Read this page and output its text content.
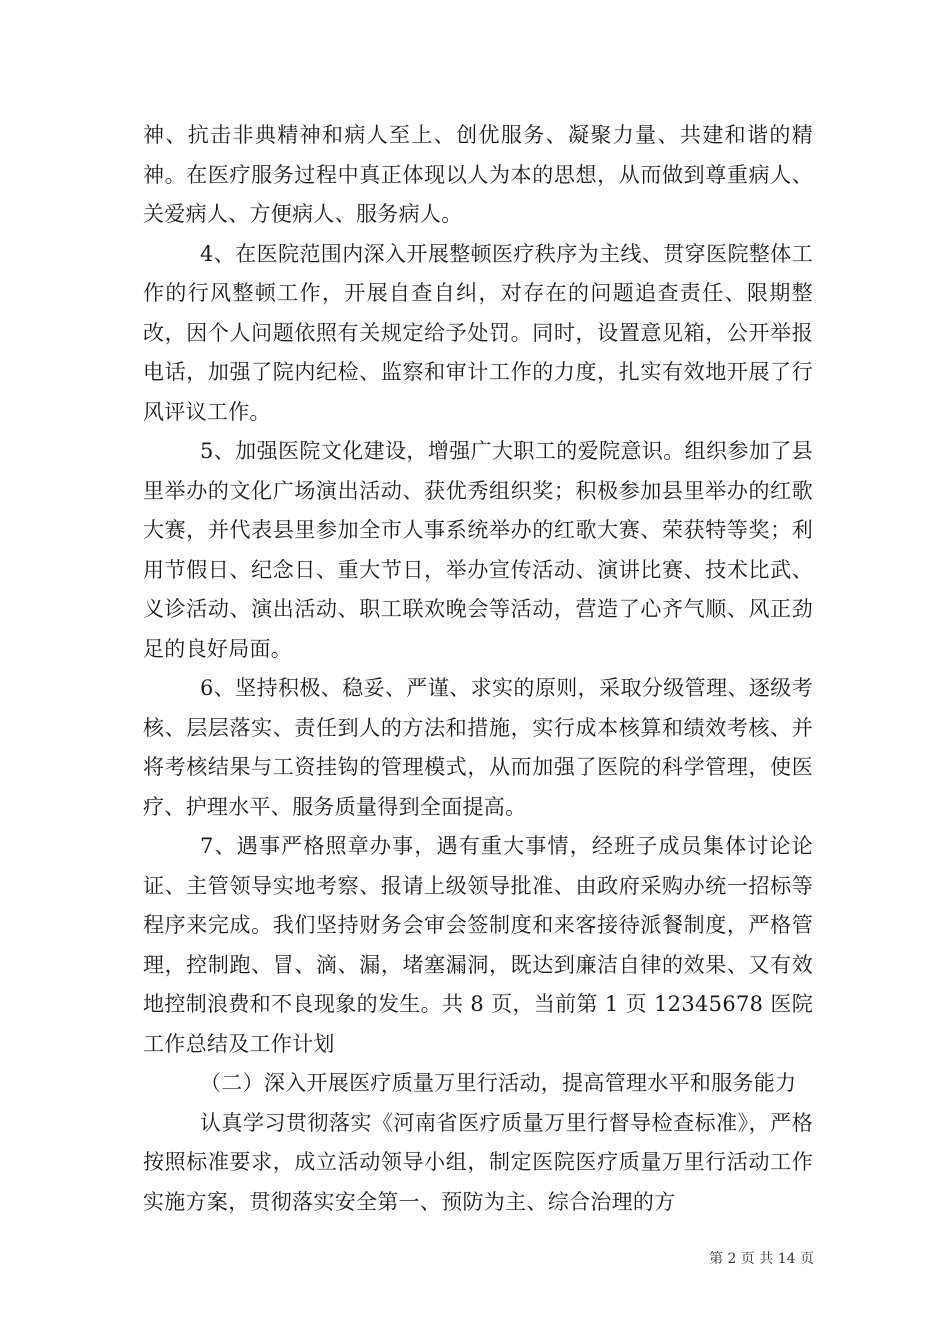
神、抗击非典精神和病人至上、创优服务、凝聚力量、共建和谐的精神。在医疗服务过程中真正体现以人为本的思想，从而做到尊重病人、关爱病人、方便病人、服务病人。

4、在医院范围内深入开展整顿医疗秩序为主线、贯穿医院整体工作的行风整顿工作，开展自查自纠，对存在的问题追查责任、限期整改，因个人问题依照有关规定给予处罚。同时，设置意见箱，公开举报电话，加强了院内纪检、监察和审计工作的力度，扎实有效地开展了行风评议工作。

5、加强医院文化建设，增强广大职工的爱院意识。组织参加了县里举办的文化广场演出活动、获优秀组织奖；积极参加县里举办的红歌大赛，并代表县里参加全市人事系统举办的红歌大赛、荣获特等奖；利用节假日、纪念日、重大节日，举办宣传活动、演讲比赛、技术比武、义诊活动、演出活动、职工联欢晚会等活动，营造了心齐气顺、风正劲足的良好局面。

6、坚持积极、稳妥、严谨、求实的原则，采取分级管理、逐级考核、层层落实、责任到人的方法和措施，实行成本核算和绩效考核、并将考核结果与工资挂钩的管理模式，从而加强了医院的科学管理，使医疗、护理水平、服务质量得到全面提高。

7、遇事严格照章办事，遇有重大事情，经班子成员集体讨论论证、主管领导实地考察、报请上级领导批准、由政府采购办统一招标等程序来完成。我们坚持财务会审会签制度和来客接待派餐制度，严格管理，控制跑、冒、滴、漏，堵塞漏洞，既达到廉洁自律的效果、又有效地控制浪费和不良现象的发生。共 8 页，当前第 1 页 12345678 医院工作总结及工作计划

（二）深入开展医疗质量万里行活动，提高管理水平和服务能力

认真学习贯彻落实《河南省医疗质量万里行督导检查标准》，严格按照标准要求，成立活动领导小组，制定医院医疗质量万里行活动工作实施方案，贯彻落实安全第一、预防为主、综合治理的方

第 2 页 共 14 页
